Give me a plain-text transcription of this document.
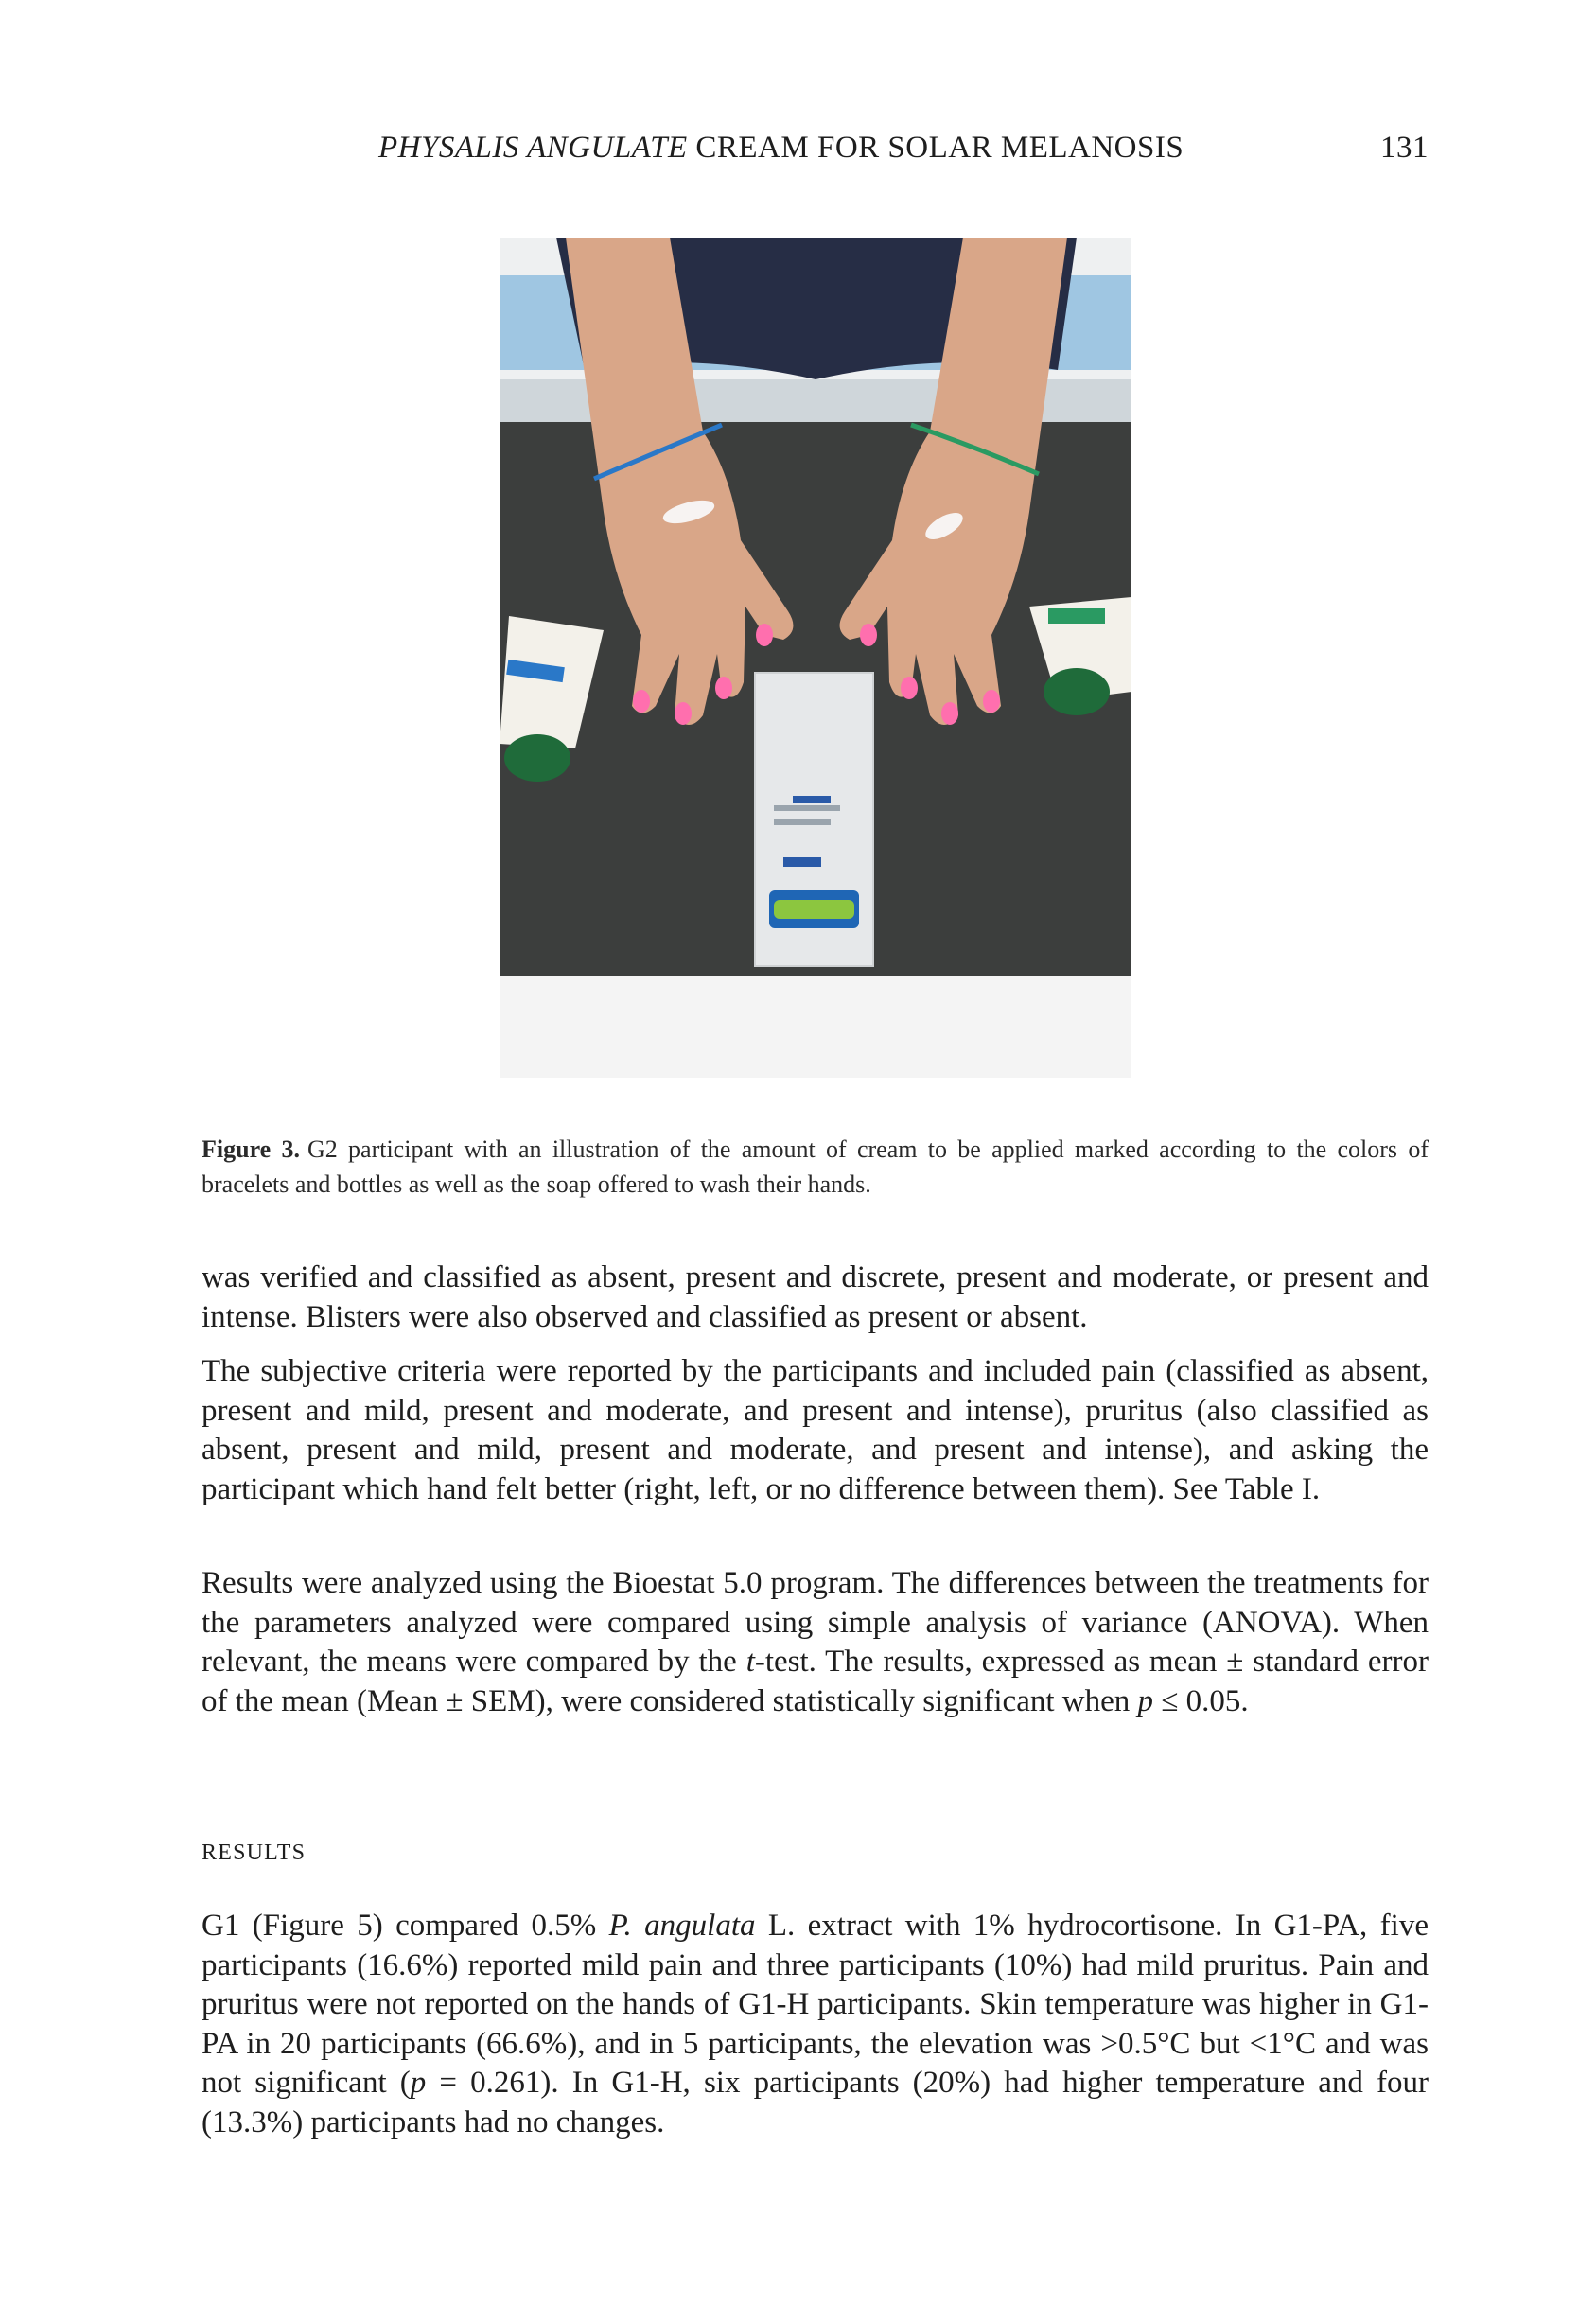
PHYSALIS ANGULATE CREAM FOR SOLAR MELANOSIS	131
Figure 3. G2 participant with an illustration of the amount of cream to be applied marked according to the colors of bracelets and bottles as well as the soap offered to wash their hands.

was verified and classified as absent, present and discrete, present and moderate, or present and intense. Blisters were also observed and classified as present or absent.

The subjective criteria were reported by the participants and included pain (classified as absent, present and mild, present and moderate, and present and intense), pruritus (also classified as absent, present and mild, present and moderate, and present and intense), and asking the participant which hand felt better (right, left, or no difference between them). See Table I.

Results were analyzed using the Bioestat 5.0 program. The differences between the treatments for the parameters analyzed were compared using simple analysis of variance (ANOVA). When relevant, the means were compared by the t-test. The results, expressed as mean ± standard error of the mean (Mean ± SEM), were considered statistically significant when p ≤ 0.05.

RESULTS

G1 (Figure 5) compared 0.5% P. angulata L. extract with 1% hydrocortisone. In G1-PA, five participants (16.6%) reported mild pain and three participants (10%) had mild pruritus. Pain and pruritus were not reported on the hands of G1-H participants. Skin temperature was higher in G1-PA in 20 participants (66.6%), and in 5 participants, the elevation was >0.5°C but <1°C and was not significant (p = 0.261). In G1-H, six participants (20%) had higher temperature and four (13.3%) participants had no changes.
